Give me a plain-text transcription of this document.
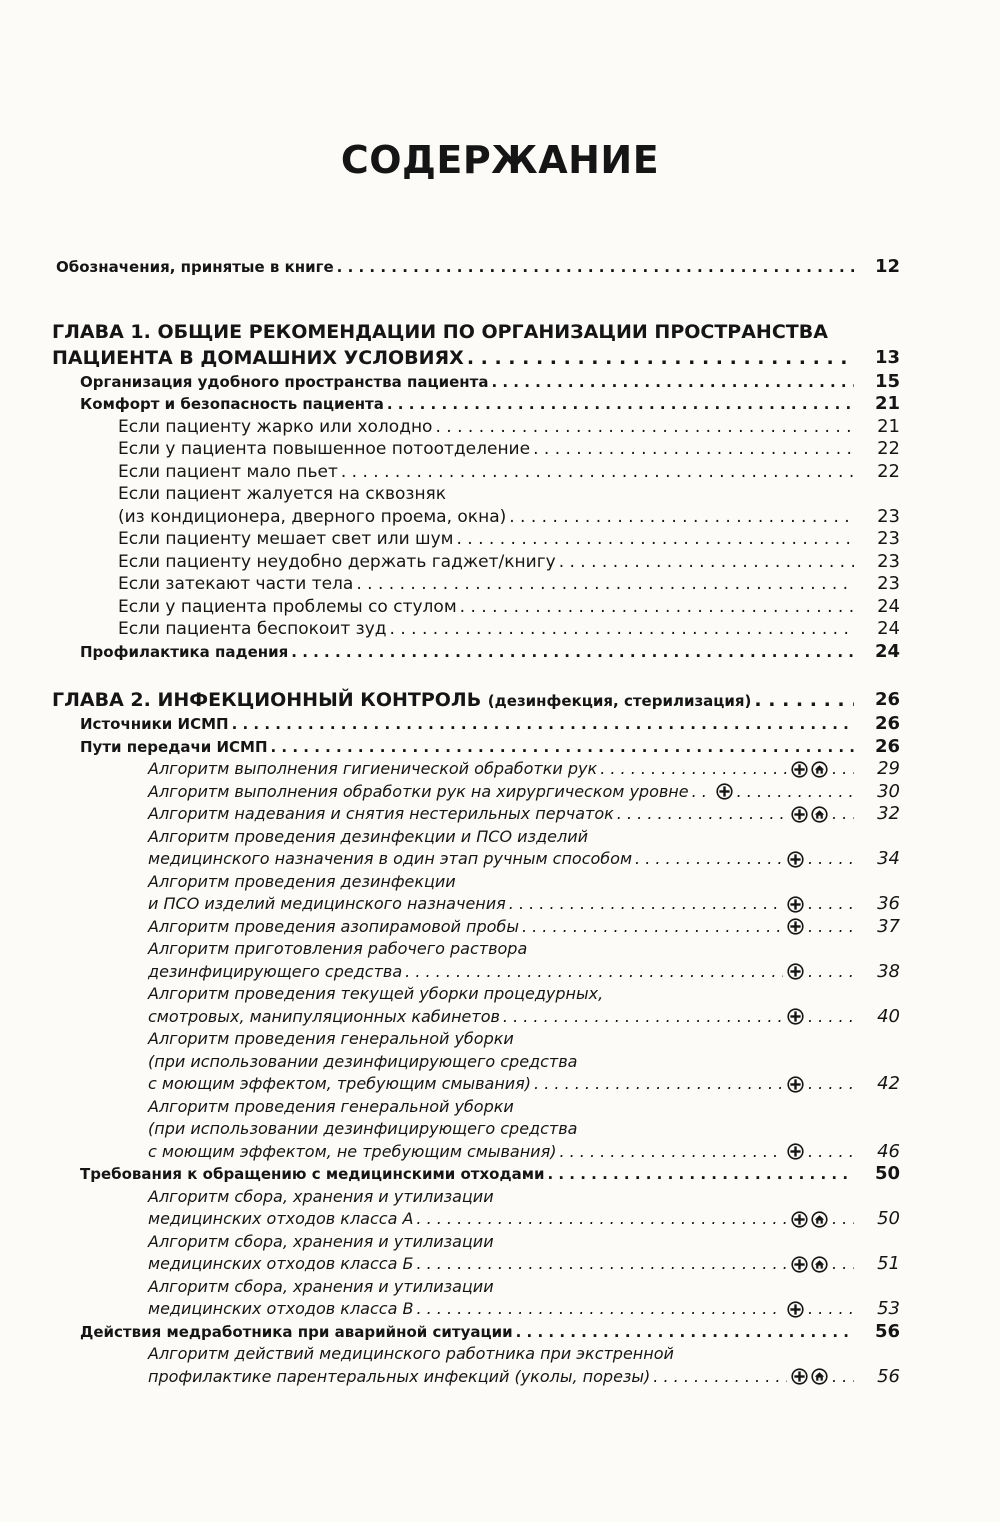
СОДЕРЖАНИЕ
Обозначения, принятые в книге . . .	12
ГЛАВА 1. ОБЩИЕ РЕКОМЕНДАЦИИ ПО ОРГАНИЗАЦИИ ПРОСТРАНСТВА
ПАЦИЕНТА В ДОМАШНИХ УСЛОВИЯХ . . .	13
Организация удобного пространства пациента . . .	15
Комфорт и безопасность пациента . . .	21
Если пациенту жарко или холодно . . .	21
Если у пациента повышенное потоотделение . . .	22
Если пациент мало пьет . . .	22
Если пациент жалуется на сквозняк
(из кондиционера, дверного проема, окна) . . .	23
Если пациенту мешает свет или шум . . .	23
Если пациенту неудобно держать гаджет/книгу . . .	23
Если затекают части тела . . .	23
Если у пациента проблемы со стулом . . .	24
Если пациента беспокоит зуд . . .	24
Профилактика падения . . .	24
ГЛАВА 2. ИНФЕКЦИОННЫЙ КОНТРОЛЬ (дезинфекция, стерилизация) . . .	26
Источники ИСМП . . .	26
Пути передачи ИСМП . . .	26
Алгоритм выполнения гигиенической обработки рук . . . . . .	29
Алгоритм выполнения обработки рук на хирургическом уровне . . . . . .	30
Алгоритм надевания и снятия нестерильных перчаток . . . . . .	32
Алгоритм проведения дезинфекции и ПСО изделий
медицинского назначения в один этап ручным способом . . . . . .	34
Алгоритм проведения дезинфекции
и ПСО изделий медицинского назначения . . . . . .	36
Алгоритм проведения азопирамовой пробы . . . . . .	37
Алгоритм приготовления рабочего раствора
дезинфицирующего средства . . . . . .	38
Алгоритм проведения текущей уборки процедурных,
смотровых, манипуляционных кабинетов . . . . . .	40
Алгоритм проведения генеральной уборки
(при использовании дезинфицирующего средства
с моющим эффектом, требующим смывания) . . . . . .	42
Алгоритм проведения генеральной уборки
(при использовании дезинфицирующего средства
с моющим эффектом, не требующим смывания) . . . . . .	46
Требования к обращению с медицинскими отходами . . .	50
Алгоритм сбора, хранения и утилизации
медицинских отходов класса А . . . . . .	50
Алгоритм сбора, хранения и утилизации
медицинских отходов класса Б . . . . . .	51
Алгоритм сбора, хранения и утилизации
медицинских отходов класса В . . . . . .	53
Действия медработника при аварийной ситуации . . .	56
Алгоритм действий медицинского работника при экстренной
профилактике парентеральных инфекций (уколы, порезы) . . . . . .	56
